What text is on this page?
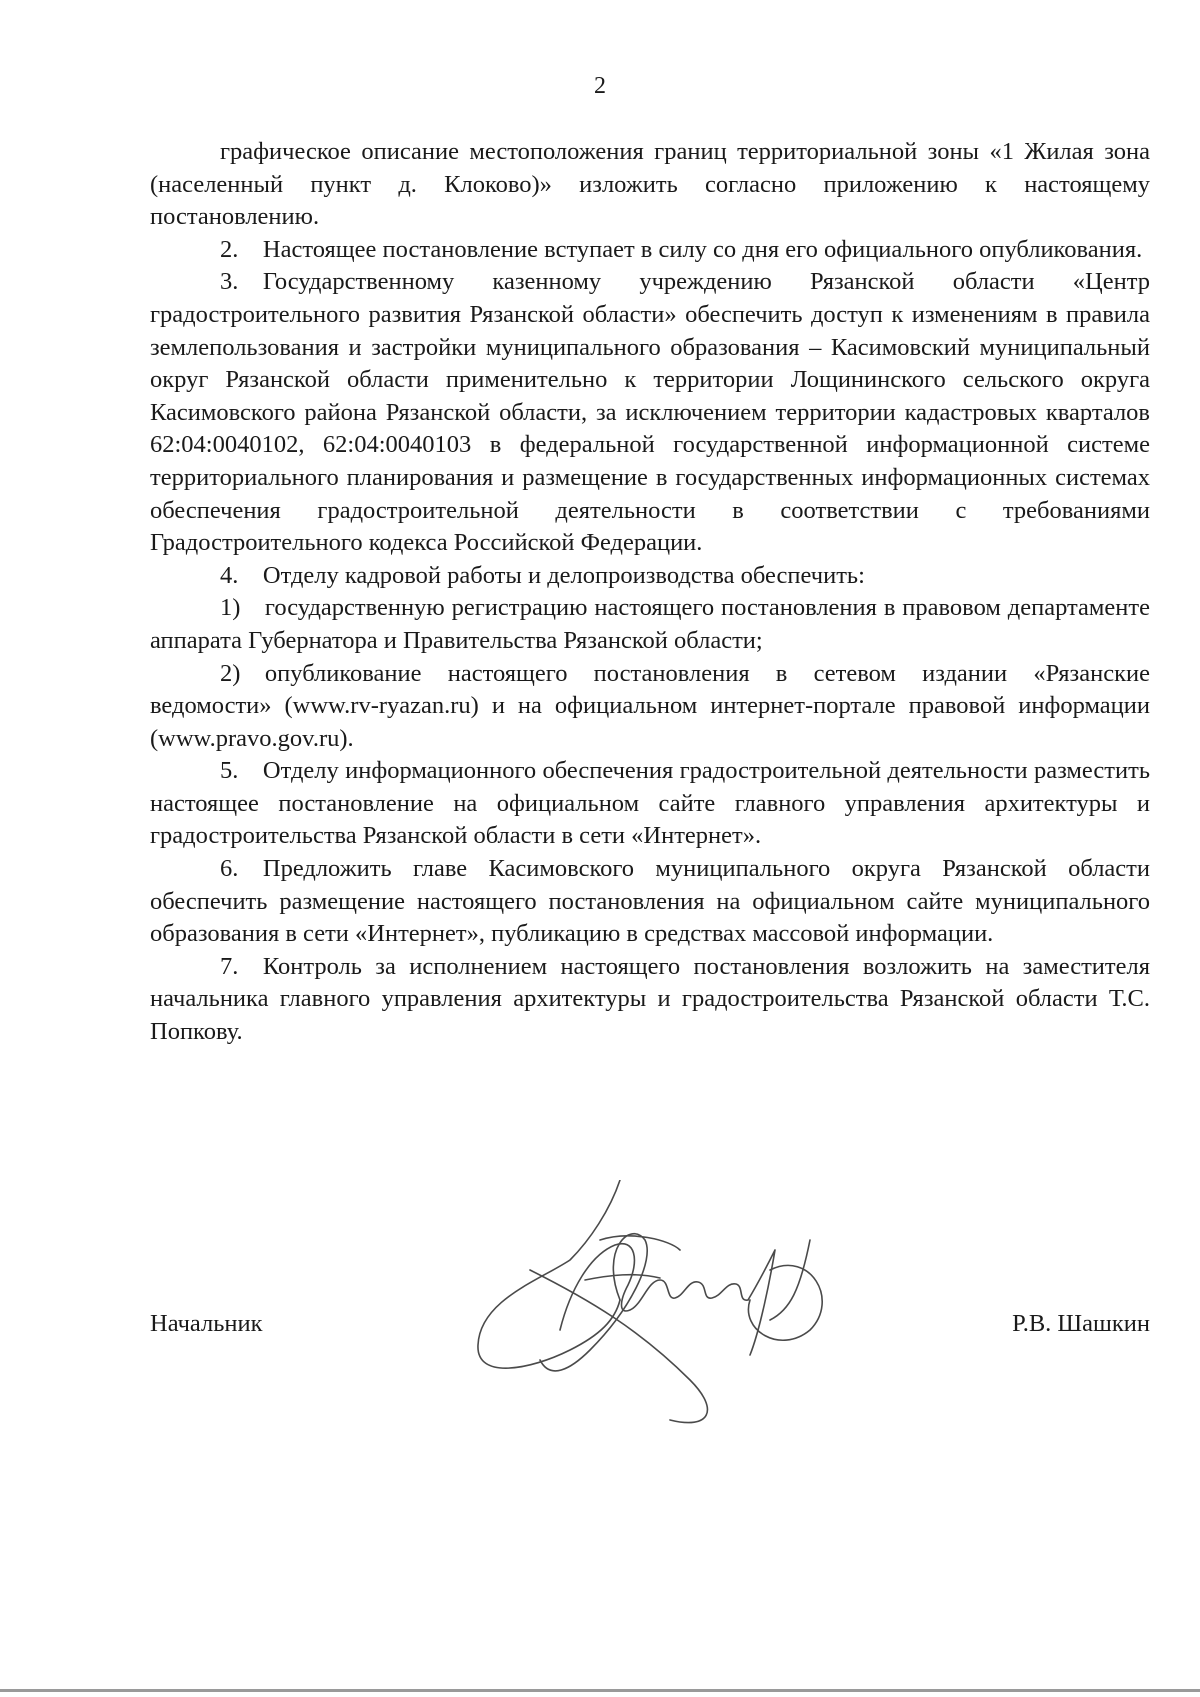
2

графическое описание местоположения границ территориальной зоны «1 Жилая зона (населенный пункт д. Клоково)» изложить согласно приложению к настоящему постановлению.

2. Настоящее постановление вступает в силу со дня его официального опубликования.

3. Государственному казенному учреждению Рязанской области «Центр градостроительного развития Рязанской области» обеспечить доступ к изменениям в правила землепользования и застройки муниципального образования – Касимовский муниципальный округ Рязанской области применительно к территории Лощининского сельского округа Касимовского района Рязанской области, за исключением территории кадастровых кварталов 62:04:0040102, 62:04:0040103 в федеральной государственной информационной системе территориального планирования и размещение в государственных информационных системах обеспечения градостроительной деятельности в соответствии с требованиями Градостроительного кодекса Российской Федерации.

4. Отделу кадровой работы и делопроизводства обеспечить:

1) государственную регистрацию настоящего постановления в правовом департаменте аппарата Губернатора и Правительства Рязанской области;

2) опубликование настоящего постановления в сетевом издании «Рязанские ведомости» (www.rv-ryazan.ru) и на официальном интернет-портале правовой информации (www.pravo.gov.ru).

5. Отделу информационного обеспечения градостроительной деятельности разместить настоящее постановление на официальном сайте главного управления архитектуры и градостроительства Рязанской области в сети «Интернет».

6. Предложить главе Касимовского муниципального округа Рязанской области обеспечить размещение настоящего постановления на официальном сайте муниципального образования в сети «Интернет», публикацию в средствах массовой информации.

7. Контроль за исполнением настоящего постановления возложить на заместителя начальника главного управления архитектуры и градостроительства Рязанской области Т.С. Попкову.

Начальник	Р.В. Шашкин
